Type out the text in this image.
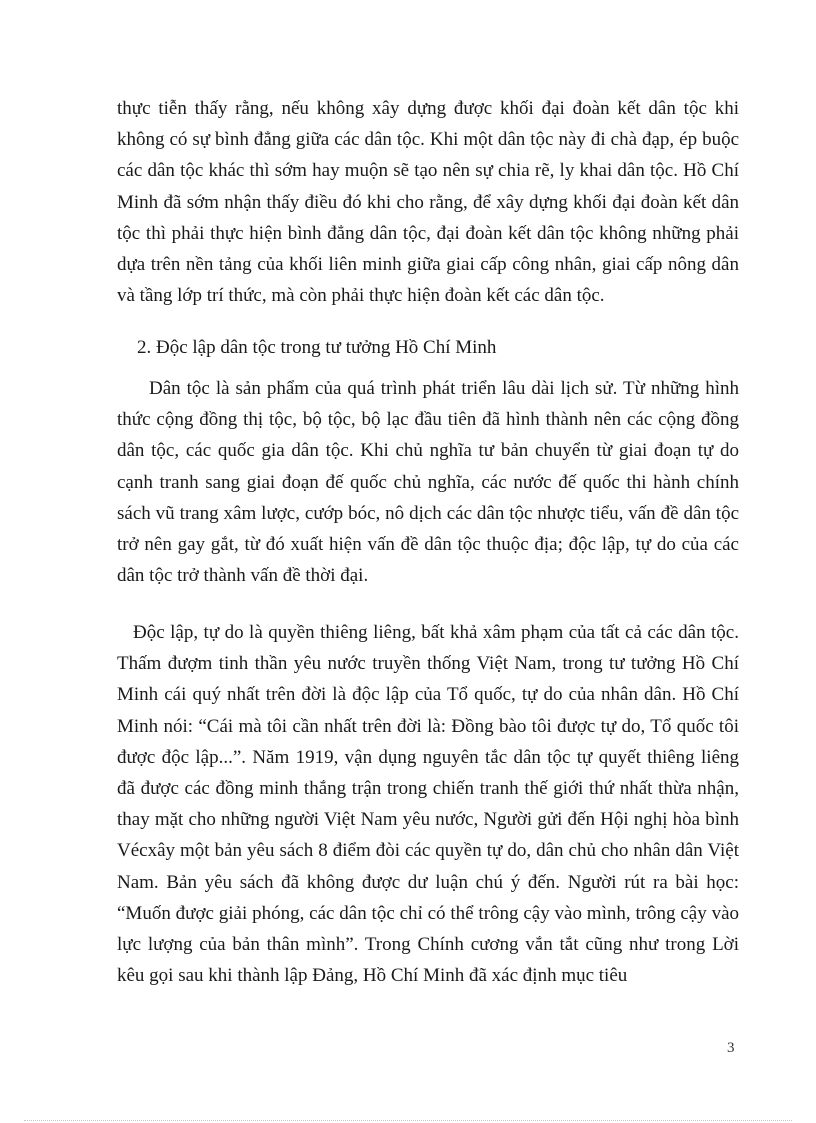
thực tiễn thấy rằng, nếu không xây dựng được khối đại đoàn kết dân tộc khi không có sự bình đẳng giữa các dân tộc. Khi một dân tộc này đi chà đạp, ép buộc các dân tộc khác thì sớm hay muộn sẽ tạo nên sự chia rẽ, ly khai dân tộc. Hồ Chí Minh đã sớm nhận thấy điều đó khi cho rằng, để xây dựng khối đại đoàn kết dân tộc thì phải thực hiện bình đẳng dân tộc, đại đoàn kết dân tộc không những phải dựa trên nền tảng của khối liên minh giữa giai cấp công nhân, giai cấp nông dân và tầng lớp trí thức, mà còn phải thực hiện đoàn kết các dân tộc.

2. Độc lập dân tộc trong tư tưởng Hồ Chí Minh

Dân tộc là sản phẩm của quá trình phát triển lâu dài lịch sử. Từ những hình thức cộng đồng thị tộc, bộ tộc, bộ lạc đầu tiên đã hình thành nên các cộng đồng dân tộc, các quốc gia dân tộc. Khi chủ nghĩa tư bản chuyển từ giai đoạn tự do cạnh tranh sang giai đoạn đế quốc chủ nghĩa, các nước đế quốc thi hành chính sách vũ trang xâm lược, cướp bóc, nô dịch các dân tộc nhược tiểu, vấn đề dân tộc trở nên gay gắt, từ đó xuất hiện vấn đề dân tộc thuộc địa; độc lập, tự do của các dân tộc trở thành vấn đề thời đại.

Độc lập, tự do là quyền thiêng liêng, bất khả xâm phạm của tất cả các dân tộc. Thấm đượm tinh thần yêu nước truyền thống Việt Nam, trong tư tưởng Hồ Chí Minh cái quý nhất trên đời là độc lập của Tổ quốc, tự do của nhân dân. Hồ Chí Minh nói: “Cái mà tôi cần nhất trên đời là: Đồng bào tôi được tự do, Tổ quốc tôi được độc lập...”. Năm 1919, vận dụng nguyên tắc dân tộc tự quyết thiêng liêng đã được các đồng minh thắng trận trong chiến tranh thế giới thứ nhất thừa nhận, thay mặt cho những người Việt Nam yêu nước, Người gửi đến Hội nghị hòa bình Vécxây một bản yêu sách 8 điểm đòi các quyền tự do, dân chủ cho nhân dân Việt Nam. Bản yêu sách đã không được dư luận chú ý đến. Người rút ra bài học: “Muốn được giải phóng, các dân tộc chỉ có thể trông cậy vào mình, trông cậy vào lực lượng của bản thân mình”. Trong Chính cương vắn tắt cũng như trong Lời kêu gọi sau khi thành lập Đảng, Hồ Chí Minh đã xác định mục tiêu

3
